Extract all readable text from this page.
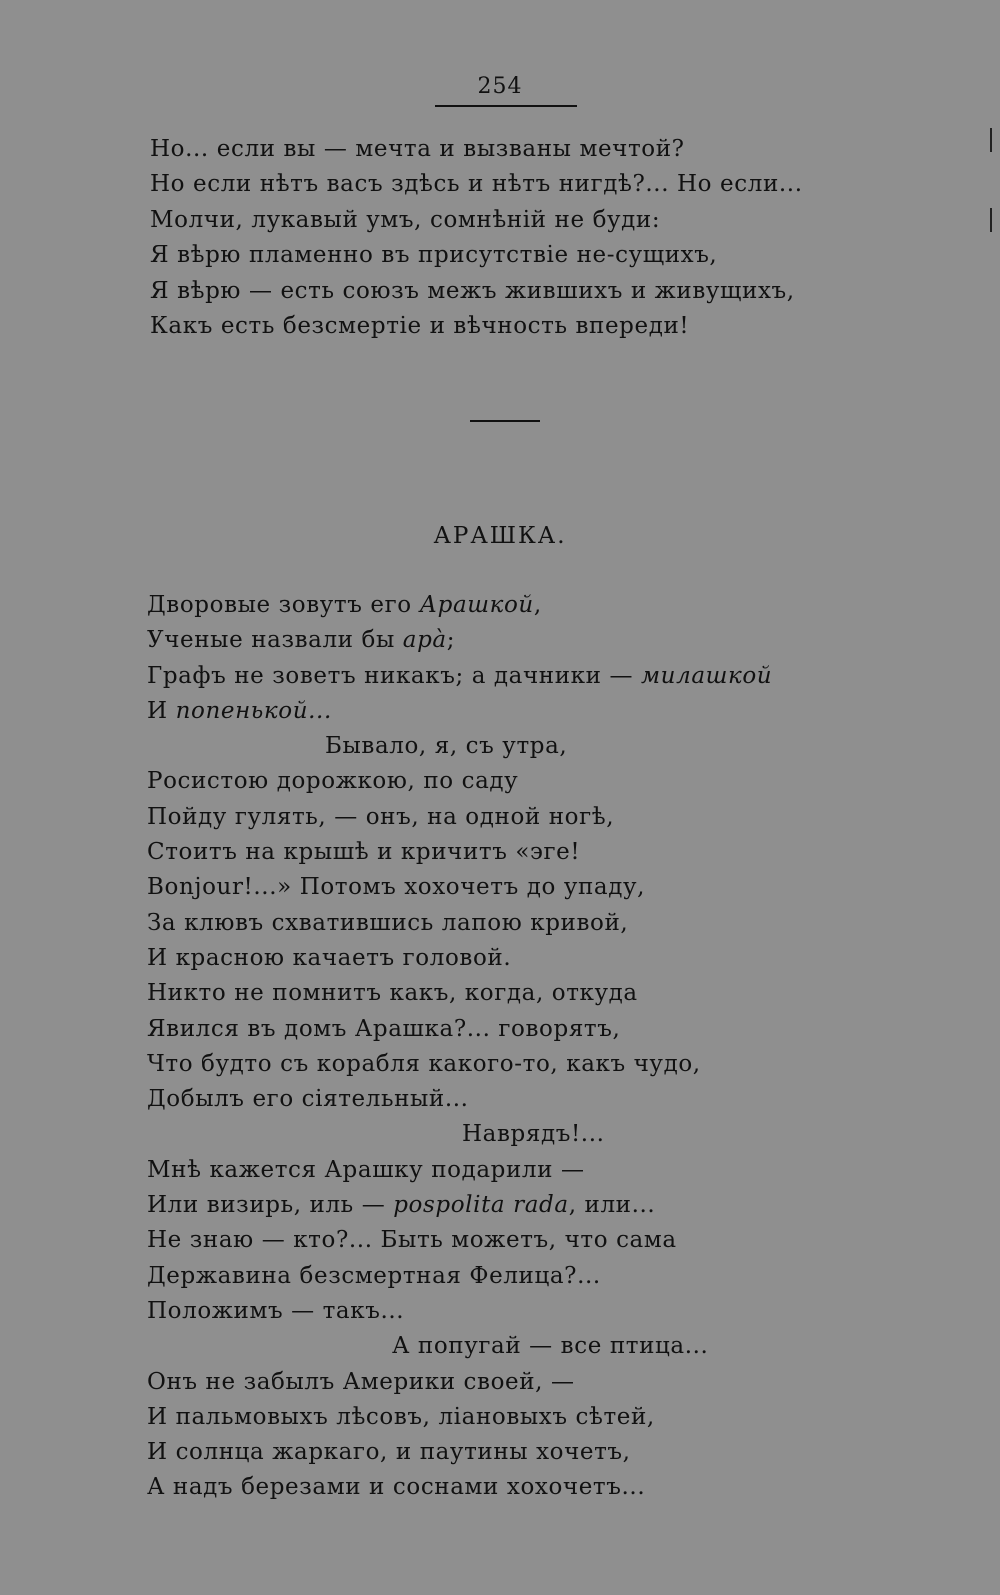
254
Но... если вы — мечта и вызваны мечтой?
Но если нѣтъ васъ здѣсь и нѣтъ нигдѣ?... Но если...
Молчи, лукавый умъ, сомнѣній не буди:
Я вѣрю пламенно въ присутствіе не-сущихъ,
Я вѣрю — есть союзъ межъ жившихъ и живущихъ,
Какъ есть безсмертіе и вѣчность впереди!
АРАШКА.
Дворовые зовутъ его Арашкой,
Ученые назвали бы ара̀;
Графъ не зоветъ никакъ; а дачники — милашкой
И попенькой...
Бывало, я, съ утра,
Росистою дорожкою, по саду
Пойду гулять, — онъ, на одной ногѣ,
Стоитъ на крышѣ и кричитъ «эге!
Bonjour!...» Потомъ хохочетъ до упаду,
За клювъ схватившись лапою кривой,
И красною качаетъ головой.
Никто не помнитъ какъ, когда, откуда
Явился въ домъ Арашка?... говорятъ,
Что будто съ корабля какого-то, какъ чудо,
Добылъ его сіятельный...
Наврядъ!...
Мнѣ кажется Арашку подарили —
Или визирь, иль — pospolita rada, или...
Не знаю — кто?... Быть можетъ, что сама
Державина безсмертная Фелица?...
Положимъ — такъ...
А попугай — все птица...
Онъ не забылъ Америки своей, —
И пальмовыхъ лѣсовъ, ліановыхъ сѣтей,
И солнца жаркаго, и паутины хочетъ,
А надъ березами и соснами хохочетъ...
